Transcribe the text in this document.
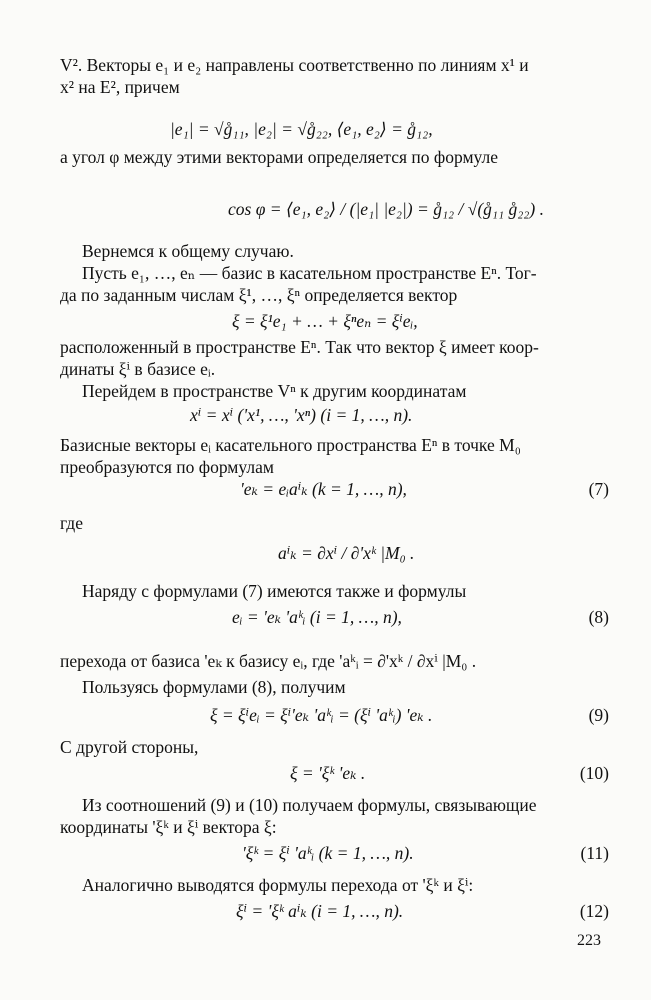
V². Векторы e₁ и e₂ направлены соответственно по линиям x¹ и
x² на E², причем
|e₁| = √g̊₁₁, |e₂| = √g̊₂₂, ⟨e₁, e₂⟩ = g̊₁₂,
а угол φ между этими векторами определяется по формуле
cos φ = ⟨e₁, e₂⟩ / (|e₁| |e₂|) = g̊₁₂ / √(g̊₁₁ g̊₂₂) .
Вернемся к общему случаю.
Пусть e₁, …, eₙ — базис в касательном пространстве Eⁿ. Тог-
да по заданным числам ξ¹, …, ξⁿ определяется вектор
ξ = ξ¹e₁ + … + ξⁿeₙ = ξⁱeᵢ,
расположенный в пространстве Eⁿ. Так что вектор ξ имеет коор-
динаты ξⁱ в базисе eᵢ.
Перейдем в пространстве Vⁿ к другим координатам
xⁱ = xⁱ ('x¹, …, 'xⁿ) (i = 1, …, n).
Базисные векторы eᵢ касательного пространства Eⁿ в точке M₀
преобразуются по формулам
'eₖ = eᵢaⁱₖ (k = 1, …, n),	(7)
где
aⁱₖ = ∂xⁱ / ∂'xᵏ |M₀ .
Наряду с формулами (7) имеются также и формулы
eᵢ = 'eₖ 'aᵏᵢ (i = 1, …, n),	(8)
перехода от базиса 'eₖ к базису eᵢ, где 'aᵏᵢ = ∂'xᵏ / ∂xⁱ |M₀ .
Пользуясь формулами (8), получим
ξ = ξⁱeᵢ = ξⁱ'eₖ 'aᵏᵢ = (ξⁱ 'aᵏᵢ) 'eₖ .	(9)
С другой стороны,
ξ = 'ξᵏ 'eₖ .	(10)
Из соотношений (9) и (10) получаем формулы, связывающие
координаты 'ξᵏ и ξⁱ вектора ξ:
'ξᵏ = ξⁱ 'aᵏᵢ (k = 1, …, n).	(11)
Аналогично выводятся формулы перехода от 'ξᵏ и ξⁱ:
ξⁱ = 'ξᵏ aⁱₖ (i = 1, …, n).	(12)
223
